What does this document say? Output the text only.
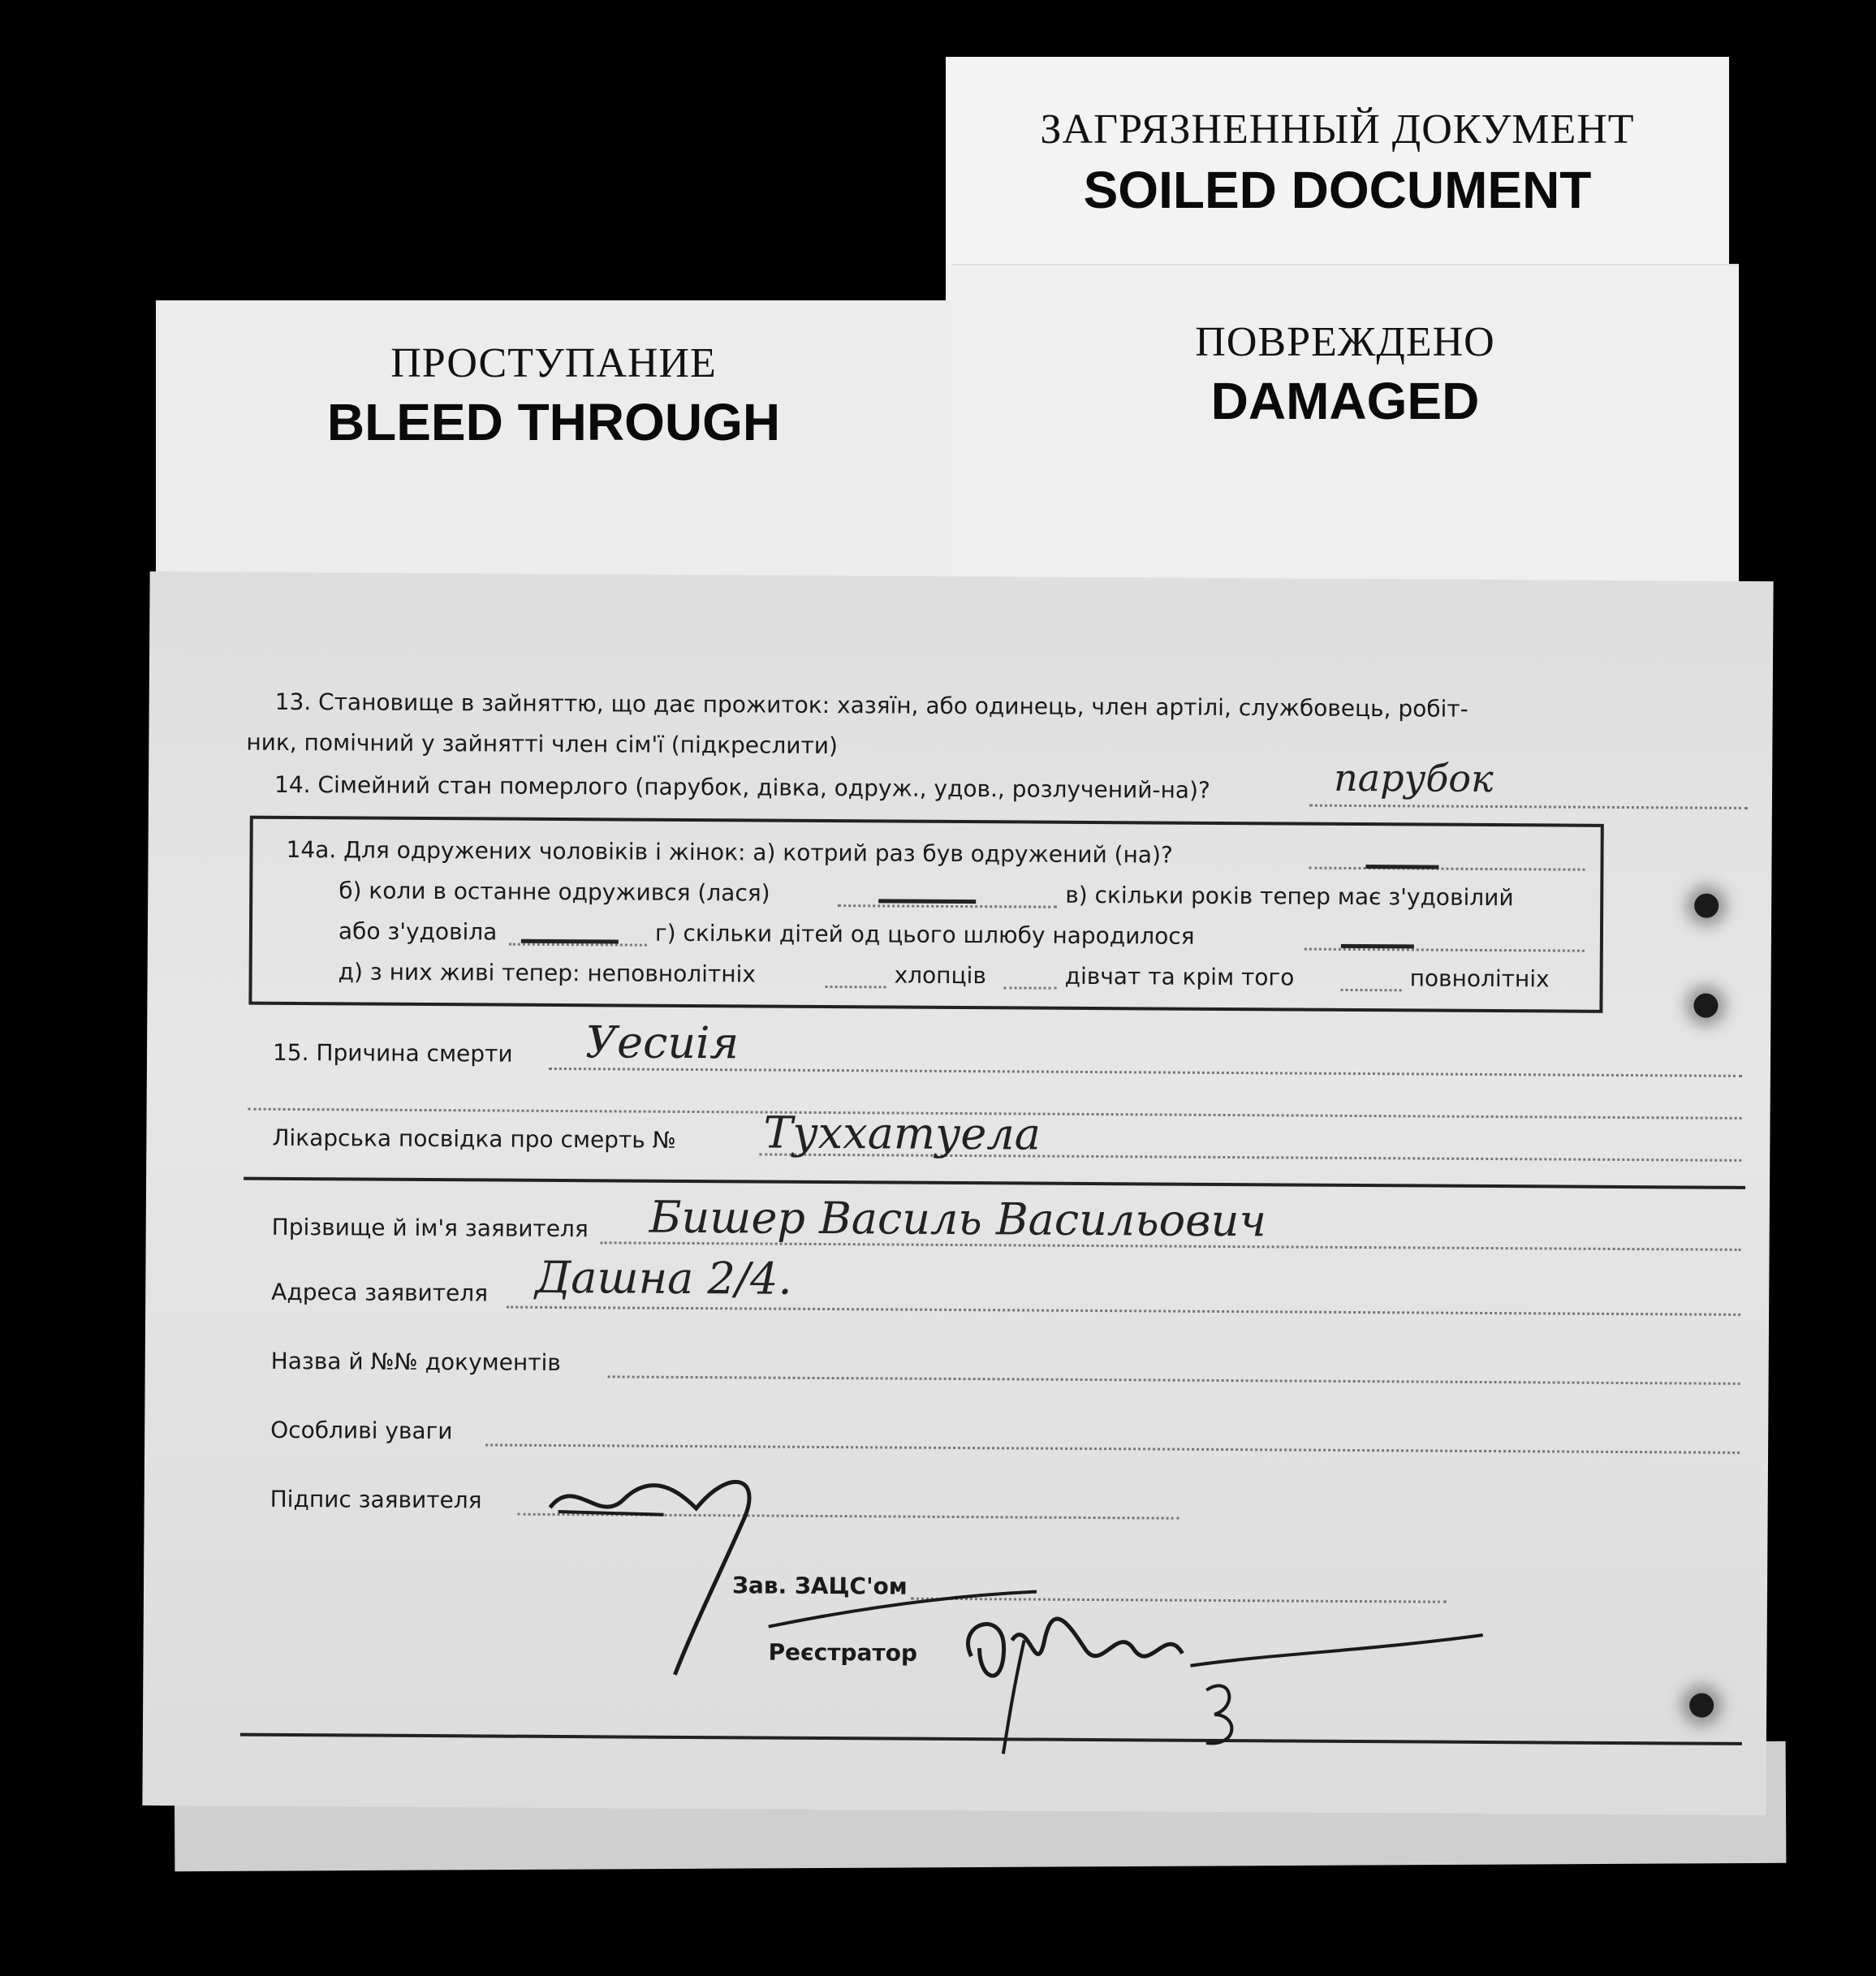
ЗАГРЯЗНЕННЫЙ ДОКУМЕНТ
SOILED DOCUMENT
ПОВРЕЖДЕНО
DAMAGED
ПРОСТУПАНИЕ
BLEED THROUGH
13. Становище в зайняттю, що дає прожиток: хазяїн, або одинець, член артілі, службовець, робіт-
ник, помічний у зайнятті член сім'ї (підкреслити)
14. Сімейний стан померлого (парубок, дівка, одруж., удов., розлучений-на)?	парубок
14а. Для одружених чоловіків і жінок: а) котрий раз був одружений (на)?
б) коли в останне одружився (лася)	в) скільки років тепер має з'удовілий
або з'удовіла	г) скільки дітей од цього шлюбу народилося
д) з них живі тепер: неповнолітніх	хлопців	дівчат та крім того	повнолітніх
15. Причина смерти Уесиія
Лікарська посвідка про смерть № Туххатуела
Прізвище й ім'я заявителя Бишер Василь Васильович
Адреса заявителя Дашна 2/4.
Назва й №№ документів
Особливі уваги
Підпис заявителя
Зав. ЗАЦС'ом
Реєстратор
